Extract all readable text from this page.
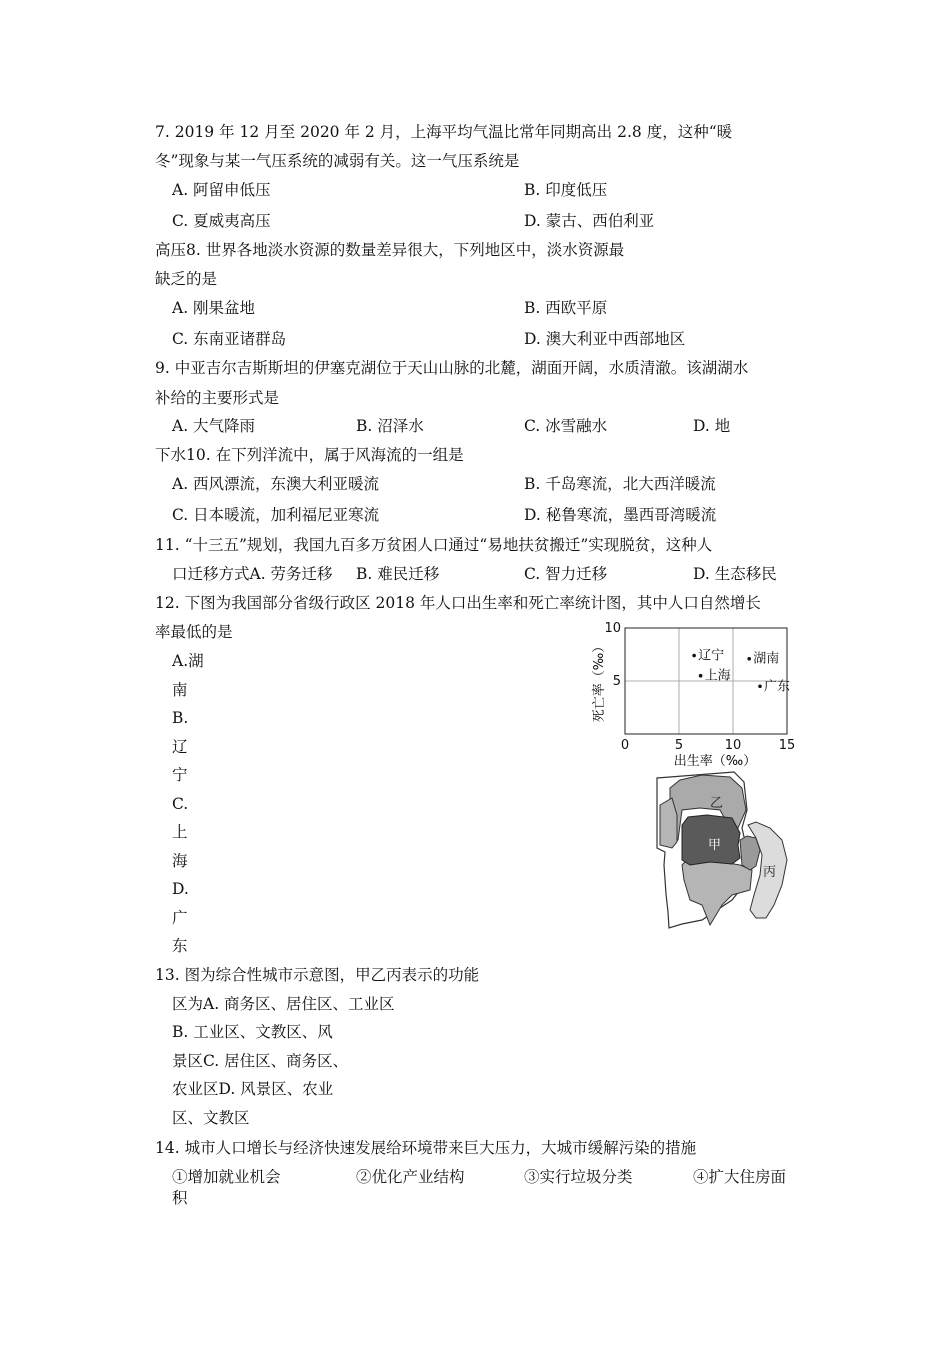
7. 2019 年 12 月至 2020 年 2 月，上海平均气温比常年同期高出 2.8 度，这种“暖
冬”现象与某一气压系统的减弱有关。这一气压系统是
A. 阿留申低压	B. 印度低压
C. 夏威夷高压	D. 蒙古、西伯利亚
高压8. 世界各地淡水资源的数量差异很大，下列地区中，淡水资源最
缺乏的是
A. 刚果盆地	B. 西欧平原
C. 东南亚诸群岛	D. 澳大利亚中西部地区
9. 中亚吉尔吉斯斯坦的伊塞克湖位于天山山脉的北麓，湖面开阔，水质清澈。该湖湖水
补给的主要形式是
A. 大气降雨	B. 沼泽水	C. 冰雪融水	D. 地
下水10. 在下列洋流中，属于风海流的一组是
A. 西风漂流，东澳大利亚暖流	B. 千岛寒流，北大西洋暖流
C. 日本暖流，加利福尼亚寒流	D. 秘鲁寒流，墨西哥湾暖流
11. “十三五”规划，我国九百多万贫困人口通过“易地扶贫搬迁”实现脱贫，这种人
口迁移方式A. 劳务迁移 B. 难民迁移	C. 智力迁移	D. 生态移民
12. 下图为我国部分省级行政区 2018 年人口出生率和死亡率统计图，其中人口自然增长
率最低的是
A.湖
南
B.
辽
宁
C.
上
海
D.
广
东
0	5	10	15
5
10
辽宁
上海
湖南
广东
出生率（‰）
死亡率（‰）
甲
乙
丙
13. 图为综合性城市示意图，甲乙丙表示的功能
区为A. 商务区、居住区、工业区
B. 工业区、文教区、风
景区C. 居住区、商务区、
农业区D. 风景区、农业
区、文教区
14. 城市人口增长与经济快速发展给环境带来巨大压力，大城市缓解污染的措施
①增加就业机会	②优化产业结构	③实行垃圾分类	④扩大住房面
积
